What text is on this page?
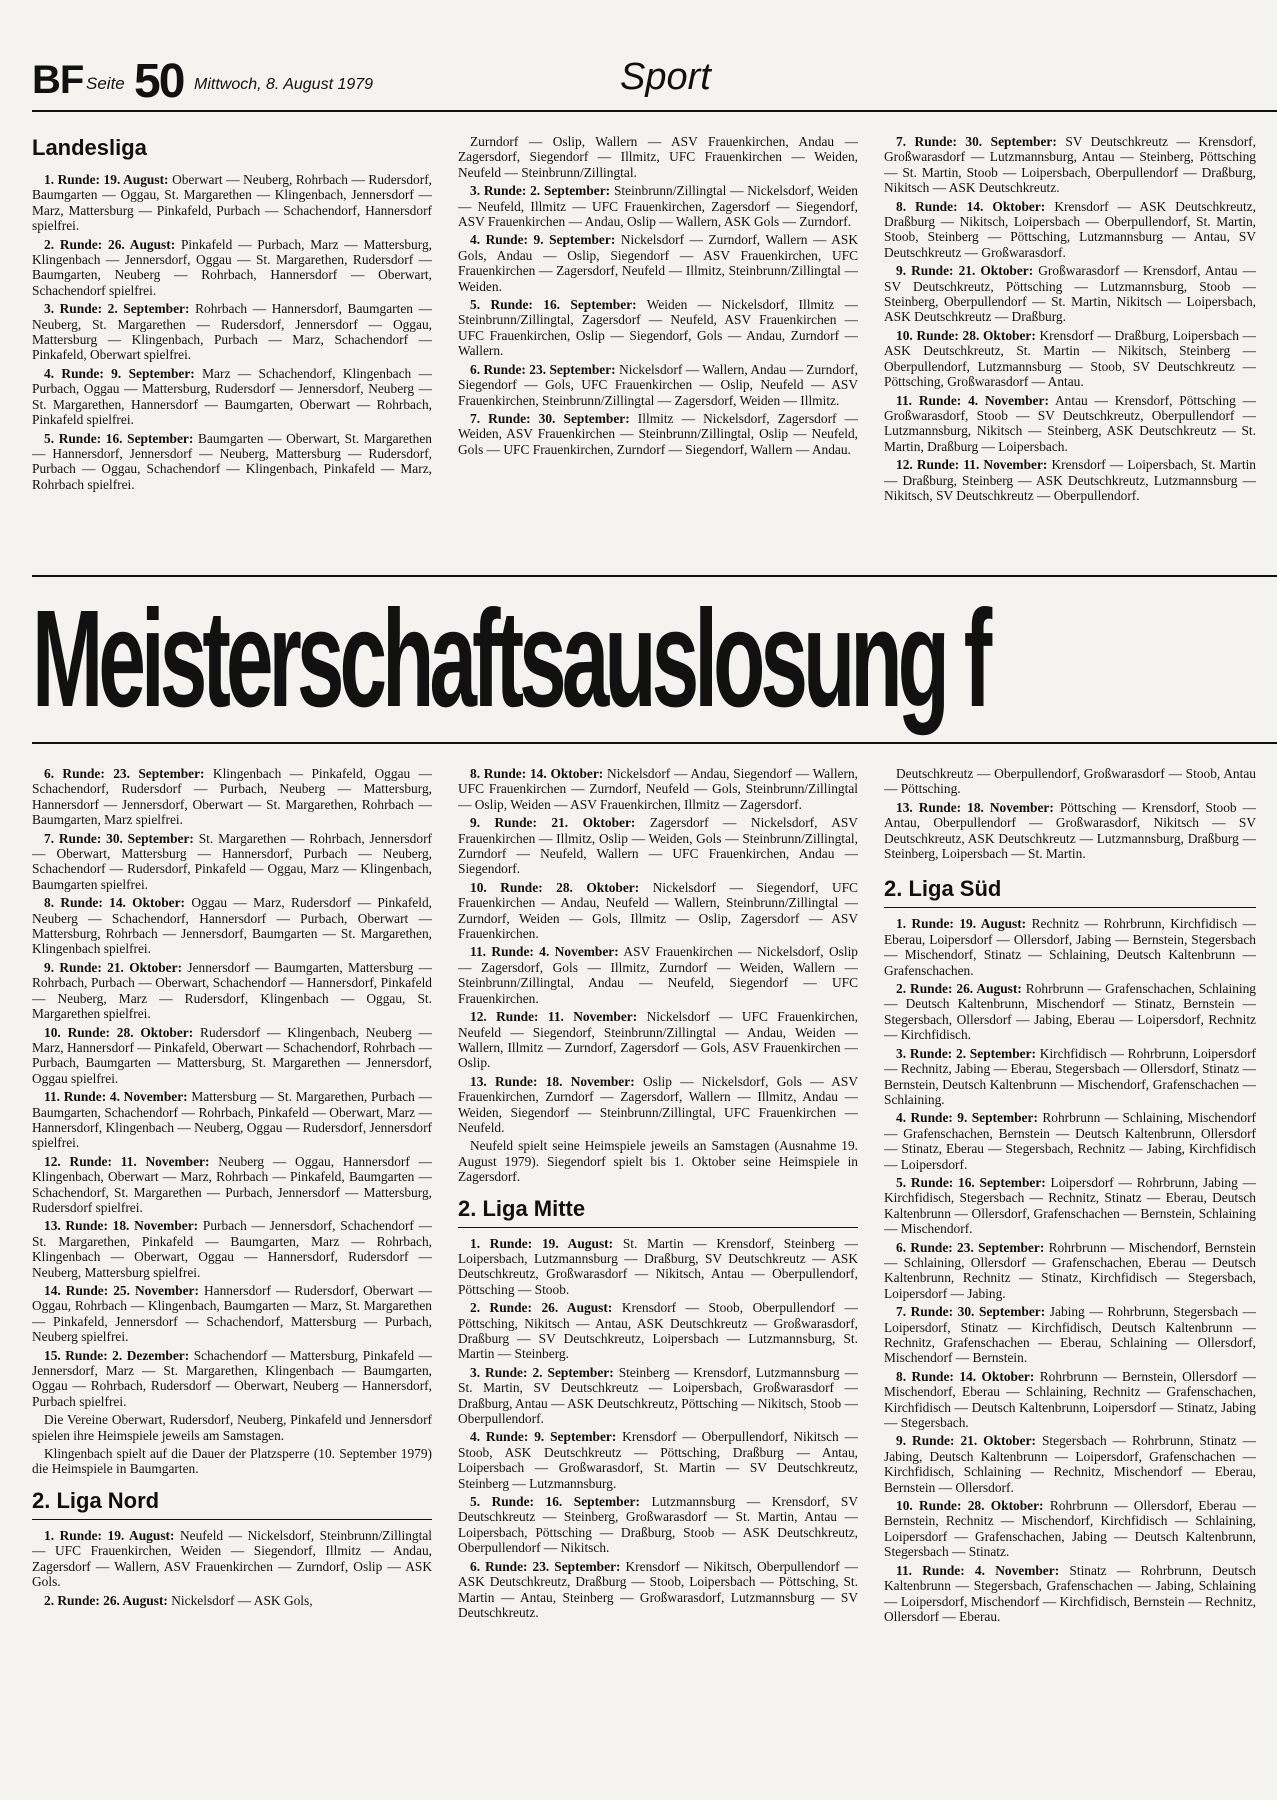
BF Seite 50 Mittwoch, 8. August 1979	Sport
Landesliga

1. Runde: 19. August: Oberwart — Neuberg, Rohrbach — Rudersdorf, Baumgarten — Oggau, St. Margarethen — Klingenbach, Jennersdorf — Marz, Mattersburg — Pinkafeld, Purbach — Schachendorf, Hannersdorf spielfrei.

2. Runde: 26. August: Pinkafeld — Purbach, Marz — Mattersburg, Klingenbach — Jennersdorf, Oggau — St. Margarethen, Rudersdorf — Baumgarten, Neuberg — Rohrbach, Hannersdorf — Oberwart, Schachendorf spielfrei.

3. Runde: 2. September: Rohrbach — Hannersdorf, Baumgarten — Neuberg, St. Margarethen — Rudersdorf, Jennersdorf — Oggau, Mattersburg — Klingenbach, Purbach — Marz, Schachendorf — Pinkafeld, Oberwart spielfrei.

4. Runde: 9. September: Marz — Schachendorf, Klingenbach — Purbach, Oggau — Mattersburg, Rudersdorf — Jennersdorf, Neuberg — St. Margarethen, Hannersdorf — Baumgarten, Oberwart — Rohrbach, Pinkafeld spielfrei.

5. Runde: 16. September: Baumgarten — Oberwart, St. Margarethen — Hannersdorf, Jennersdorf — Neuberg, Mattersburg — Rudersdorf, Purbach — Oggau, Schachendorf — Klingenbach, Pinkafeld — Marz, Rohrbach spielfrei.

Zurndorf — Oslip, Wallern — ASV Frauenkirchen, Andau — Zagersdorf, Siegendorf — Illmitz, UFC Frauenkirchen — Weiden, Neufeld — Steinbrunn/Zillingtal.

3. Runde: 2. September: Steinbrunn/Zillingtal — Nickelsdorf, Weiden — Neufeld, Illmitz — UFC Frauenkirchen, Zagersdorf — Siegendorf, ASV Frauenkirchen — Andau, Oslip — Wallern, ASK Gols — Zurndorf.

4. Runde: 9. September: Nickelsdorf — Zurndorf, Wallern — ASK Gols, Andau — Oslip, Siegendorf — ASV Frauenkirchen, UFC Frauenkirchen — Zagersdorf, Neufeld — Illmitz, Steinbrunn/Zillingtal — Weiden.

5. Runde: 16. September: Weiden — Nickelsdorf, Illmitz — Steinbrunn/Zillingtal, Zagersdorf — Neufeld, ASV Frauenkirchen — UFC Frauenkirchen, Oslip — Siegendorf, Gols — Andau, Zurndorf — Wallern.

6. Runde: 23. September: Nickelsdorf — Wallern, Andau — Zurndorf, Siegendorf — Gols, UFC Frauenkirchen — Oslip, Neufeld — ASV Frauenkirchen, Steinbrunn/Zillingtal — Zagersdorf, Weiden — Illmitz.

7. Runde: 30. September: Illmitz — Nickelsdorf, Zagersdorf — Weiden, ASV Frauenkirchen — Steinbrunn/Zillingtal, Oslip — Neufeld, Gols — UFC Frauenkirchen, Zurndorf — Siegendorf, Wallern — Andau.

7. Runde: 30. September: SV Deutschkreutz — Krensdorf, Großwarasdorf — Lutzmannsburg, Antau — Steinberg, Pöttsching — St. Martin, Stoob — Loipersbach, Oberpullendorf — Draßburg, Nikitsch — ASK Deutschkreutz.

8. Runde: 14. Oktober: Krensdorf — ASK Deutschkreutz, Draßburg — Nikitsch, Loipersbach — Oberpullendorf, St. Martin, Stoob, Steinberg — Pöttsching, Lutzmannsburg — Antau, SV Deutschkreutz — Großwarasdorf.

9. Runde: 21. Oktober: Großwarasdorf — Krensdorf, Antau — SV Deutschkreutz, Pöttsching — Lutzmannsburg, Stoob — Steinberg, Oberpullendorf — St. Martin, Nikitsch — Loipersbach, ASK Deutschkreutz — Draßburg.

10. Runde: 28. Oktober: Krensdorf — Draßburg, Loipersbach — ASK Deutschkreutz, St. Martin — Nikitsch, Steinberg — Oberpullendorf, Lutzmannsburg — Stoob, SV Deutschkreutz — Pöttsching, Großwarasdorf — Antau.

11. Runde: 4. November: Antau — Krensdorf, Pöttsching — Großwarasdorf, Stoob — SV Deutschkreutz, Oberpullendorf — Lutzmannsburg, Nikitsch — Steinberg, ASK Deutschkreutz — St. Martin, Draßburg — Loipersbach.

12. Runde: 11. November: Krensdorf — Loipersbach, St. Martin — Draßburg, Steinberg — ASK Deutschkreutz, Lutzmannsburg — Nikitsch, SV Deutschkreutz — Oberpullendorf.

Meisterschaftsauslosung f

6. Runde: 23. September: Klingenbach — Pinkafeld, Oggau — Schachendorf, Rudersdorf — Purbach, Neuberg — Mattersburg, Hannersdorf — Jennersdorf, Oberwart — St. Margarethen, Rohrbach — Baumgarten, Marz spielfrei.

7. Runde: 30. September: St. Margarethen — Rohrbach, Jennersdorf — Oberwart, Mattersburg — Hannersdorf, Purbach — Neuberg, Schachendorf — Rudersdorf, Pinkafeld — Oggau, Marz — Klingenbach, Baumgarten spielfrei.

8. Runde: 14. Oktober: Oggau — Marz, Rudersdorf — Pinkafeld, Neuberg — Schachendorf, Hannersdorf — Purbach, Oberwart — Mattersburg, Rohrbach — Jennersdorf, Baumgarten — St. Margarethen, Klingenbach spielfrei.

9. Runde: 21. Oktober: Jennersdorf — Baumgarten, Mattersburg — Rohrbach, Purbach — Oberwart, Schachendorf — Hannersdorf, Pinkafeld — Neuberg, Marz — Rudersdorf, Klingenbach — Oggau, St. Margarethen spielfrei.

10. Runde: 28. Oktober: Rudersdorf — Klingenbach, Neuberg — Marz, Hannersdorf — Pinkafeld, Oberwart — Schachendorf, Rohrbach — Purbach, Baumgarten — Mattersburg, St. Margarethen — Jennersdorf, Oggau spielfrei.

11. Runde: 4. November: Mattersburg — St. Margarethen, Purbach — Baumgarten, Schachendorf — Rohrbach, Pinkafeld — Oberwart, Marz — Hannersdorf, Klingenbach — Neuberg, Oggau — Rudersdorf, Jennersdorf spielfrei.

12. Runde: 11. November: Neuberg — Oggau, Hannersdorf — Klingenbach, Oberwart — Marz, Rohrbach — Pinkafeld, Baumgarten — Schachendorf, St. Margarethen — Purbach, Jennersdorf — Mattersburg, Rudersdorf spielfrei.

13. Runde: 18. November: Purbach — Jennersdorf, Schachendorf — St. Margarethen, Pinkafeld — Baumgarten, Marz — Rohrbach, Klingenbach — Oberwart, Oggau — Hannersdorf, Rudersdorf — Neuberg, Mattersburg spielfrei.

14. Runde: 25. November: Hannersdorf — Rudersdorf, Oberwart — Oggau, Rohrbach — Klingenbach, Baumgarten — Marz, St. Margarethen — Pinkafeld, Jennersdorf — Schachendorf, Mattersburg — Purbach, Neuberg spielfrei.

15. Runde: 2. Dezember: Schachendorf — Mattersburg, Pinkafeld — Jennersdorf, Marz — St. Margarethen, Klingenbach — Baumgarten, Oggau — Rohrbach, Rudersdorf — Oberwart, Neuberg — Hannersdorf, Purbach spielfrei.

Die Vereine Oberwart, Rudersdorf, Neuberg, Pinkafeld und Jennersdorf spielen ihre Heimspiele jeweils am Samstagen.

Klingenbach spielt auf die Dauer der Platzsperre (10. September 1979) die Heimspiele in Baumgarten.

2. Liga Nord

1. Runde: 19. August: Neufeld — Nickelsdorf, Steinbrunn/Zillingtal — UFC Frauenkirchen, Weiden — Siegendorf, Illmitz — Andau, Zagersdorf — Wallern, ASV Frauenkirchen — Zurndorf, Oslip — ASK Gols.

2. Runde: 26. August: Nickelsdorf — ASK Gols,

8. Runde: 14. Oktober: Nickelsdorf — Andau, Siegendorf — Wallern, UFC Frauenkirchen — Zurndorf, Neufeld — Gols, Steinbrunn/Zillingtal — Oslip, Weiden — ASV Frauenkirchen, Illmitz — Zagersdorf.

9. Runde: 21. Oktober: Zagersdorf — Nickelsdorf, ASV Frauenkirchen — Illmitz, Oslip — Weiden, Gols — Steinbrunn/Zillingtal, Zurndorf — Neufeld, Wallern — UFC Frauenkirchen, Andau — Siegendorf.

10. Runde: 28. Oktober: Nickelsdorf — Siegendorf, UFC Frauenkirchen — Andau, Neufeld — Wallern, Steinbrunn/Zillingtal — Zurndorf, Weiden — Gols, Illmitz — Oslip, Zagersdorf — ASV Frauenkirchen.

11. Runde: 4. November: ASV Frauenkirchen — Nickelsdorf, Oslip — Zagersdorf, Gols — Illmitz, Zurndorf — Weiden, Wallern — Steinbrunn/Zillingtal, Andau — Neufeld, Siegendorf — UFC Frauenkirchen.

12. Runde: 11. November: Nickelsdorf — UFC Frauenkirchen, Neufeld — Siegendorf, Steinbrunn/Zillingtal — Andau, Weiden — Wallern, Illmitz — Zurndorf, Zagersdorf — Gols, ASV Frauenkirchen — Oslip.

13. Runde: 18. November: Oslip — Nickelsdorf, Gols — ASV Frauenkirchen, Zurndorf — Zagersdorf, Wallern — Illmitz, Andau — Weiden, Siegendorf — Steinbrunn/Zillingtal, UFC Frauenkirchen — Neufeld.

Neufeld spielt seine Heimspiele jeweils an Samstagen (Ausnahme 19. August 1979). Siegendorf spielt bis 1. Oktober seine Heimspiele in Zagersdorf.

2. Liga Mitte

1. Runde: 19. August: St. Martin — Krensdorf, Steinberg — Loipersbach, Lutzmannsburg — Draßburg, SV Deutschkreutz — ASK Deutschkreutz, Großwarasdorf — Nikitsch, Antau — Oberpullendorf, Pöttsching — Stoob.

2. Runde: 26. August: Krensdorf — Stoob, Oberpullendorf — Pöttsching, Nikitsch — Antau, ASK Deutschkreutz — Großwarasdorf, Draßburg — SV Deutschkreutz, Loipersbach — Lutzmannsburg, St. Martin — Steinberg.

3. Runde: 2. September: Steinberg — Krensdorf, Lutzmannsburg — St. Martin, SV Deutschkreutz — Loipersbach, Großwarasdorf — Draßburg, Antau — ASK Deutschkreutz, Pöttsching — Nikitsch, Stoob — Oberpullendorf.

4. Runde: 9. September: Krensdorf — Oberpullendorf, Nikitsch — Stoob, ASK Deutschkreutz — Pöttsching, Draßburg — Antau, Loipersbach — Großwarasdorf, St. Martin — SV Deutschkreutz, Steinberg — Lutzmannsburg.

5. Runde: 16. September: Lutzmannsburg — Krensdorf, SV Deutschkreutz — Steinberg, Großwarasdorf — St. Martin, Antau — Loipersbach, Pöttsching — Draßburg, Stoob — ASK Deutschkreutz, Oberpullendorf — Nikitsch.

6. Runde: 23. September: Krensdorf — Nikitsch, Oberpullendorf — ASK Deutschkreutz, Draßburg — Stoob, Loipersbach — Pöttsching, St. Martin — Antau, Steinberg — Großwarasdorf, Lutzmannsburg — SV Deutschkreutz.

Deutschkreutz — Oberpullendorf, Großwarasdorf — Stoob, Antau — Pöttsching.

13. Runde: 18. November: Pöttsching — Krensdorf, Stoob — Antau, Oberpullendorf — Großwarasdorf, Nikitsch — SV Deutschkreutz, ASK Deutschkreutz — Lutzmannsburg, Draßburg — Steinberg, Loipersbach — St. Martin.

2. Liga Süd

1. Runde: 19. August: Rechnitz — Rohrbrunn, Kirchfidisch — Eberau, Loipersdorf — Ollersdorf, Jabing — Bernstein, Stegersbach — Mischendorf, Stinatz — Schlaining, Deutsch Kaltenbrunn — Grafenschachen.

2. Runde: 26. August: Rohrbrunn — Grafenschachen, Schlaining — Deutsch Kaltenbrunn, Mischendorf — Stinatz, Bernstein — Stegersbach, Ollersdorf — Jabing, Eberau — Loipersdorf, Rechnitz — Kirchfidisch.

3. Runde: 2. September: Kirchfidisch — Rohrbrunn, Loipersdorf — Rechnitz, Jabing — Eberau, Stegersbach — Ollersdorf, Stinatz — Bernstein, Deutsch Kaltenbrunn — Mischendorf, Grafenschachen — Schlaining.

4. Runde: 9. September: Rohrbrunn — Schlaining, Mischendorf — Grafenschachen, Bernstein — Deutsch Kaltenbrunn, Ollersdorf — Stinatz, Eberau — Stegersbach, Rechnitz — Jabing, Kirchfidisch — Loipersdorf.

5. Runde: 16. September: Loipersdorf — Rohrbrunn, Jabing — Kirchfidisch, Stegersbach — Rechnitz, Stinatz — Eberau, Deutsch Kaltenbrunn — Ollersdorf, Grafenschachen — Bernstein, Schlaining — Mischendorf.

6. Runde: 23. September: Rohrbrunn — Mischendorf, Bernstein — Schlaining, Ollersdorf — Grafenschachen, Eberau — Deutsch Kaltenbrunn, Rechnitz — Stinatz, Kirchfidisch — Stegersbach, Loipersdorf — Jabing.

7. Runde: 30. September: Jabing — Rohrbrunn, Stegersbach — Loipersdorf, Stinatz — Kirchfidisch, Deutsch Kaltenbrunn — Rechnitz, Grafenschachen — Eberau, Schlaining — Ollersdorf, Mischendorf — Bernstein.

8. Runde: 14. Oktober: Rohrbrunn — Bernstein, Ollersdorf — Mischendorf, Eberau — Schlaining, Rechnitz — Grafenschachen, Kirchfidisch — Deutsch Kaltenbrunn, Loipersdorf — Stinatz, Jabing — Stegersbach.

9. Runde: 21. Oktober: Stegersbach — Rohrbrunn, Stinatz — Jabing, Deutsch Kaltenbrunn — Loipersdorf, Grafenschachen — Kirchfidisch, Schlaining — Rechnitz, Mischendorf — Eberau, Bernstein — Ollersdorf.

10. Runde: 28. Oktober: Rohrbrunn — Ollersdorf, Eberau — Bernstein, Rechnitz — Mischendorf, Kirchfidisch — Schlaining, Loipersdorf — Grafenschachen, Jabing — Deutsch Kaltenbrunn, Stegersbach — Stinatz.

11. Runde: 4. November: Stinatz — Rohrbrunn, Deutsch Kaltenbrunn — Stegersbach, Grafenschachen — Jabing, Schlaining — Loipersdorf, Mischendorf — Kirchfidisch, Bernstein — Rechnitz, Ollersdorf — Eberau.
